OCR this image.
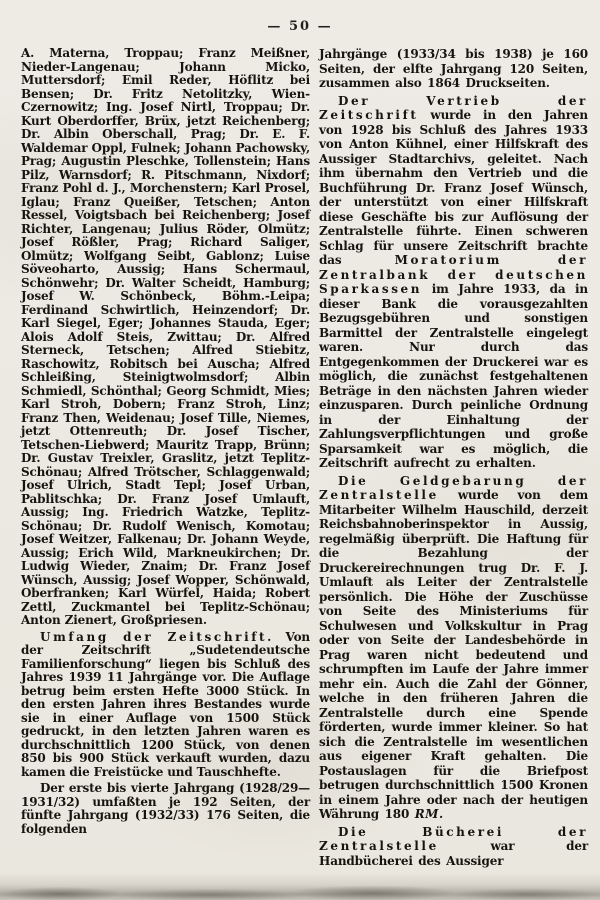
— 50 —

A. Materna, Troppau; Franz Meißner, Nieder-Langenau; Johann Micko, Muttersdorf; Emil Reder, Höflitz bei Bensen; Dr. Fritz Netolitzky, Wien-Czernowitz; Ing. Josef Nirtl, Troppau; Dr. Kurt Oberdorffer, Brüx, jetzt Reichenberg; Dr. Albin Oberschall, Prag; Dr. E. F. Waldemar Oppl, Fulnek; Johann Pachowsky, Prag; Augustin Pleschke, Tollenstein; Hans Pilz, Warnsdorf; R. Pitschmann, Nixdorf; Franz Pohl d. J., Morchenstern; Karl Prosel, Iglau; Franz Queißer, Tetschen; Anton Ressel, Voigtsbach bei Reichenberg; Josef Richter, Langenau; Julius Röder, Olmütz; Josef Rößler, Prag; Richard Saliger, Olmütz; Wolfgang Seibt, Gablonz; Luise Söveoharto, Aussig; Hans Schermaul, Schönwehr; Dr. Walter Scheidt, Hamburg; Josef W. Schönbeck, Böhm.-Leipa; Ferdinand Schwirtlich, Heinzendorf; Dr. Karl Siegel, Eger; Johannes Stauda, Eger; Alois Adolf Steis, Zwittau; Dr. Alfred Sterneck, Tetschen; Alfred Stiebitz, Raschowitz, Robitsch bei Auscha; Alfred Schleißing, Steinigtwolmsdorf; Albin Schmiedl, Schönthal; Georg Schmidt, Mies; Karl Stroh, Dobern; Franz Stroh, Linz; Franz Then, Weidenau; Josef Tille, Niemes, jetzt Ottenreuth; Dr. Josef Tischer, Tetschen-Liebwerd; Mauritz Trapp, Brünn; Dr. Gustav Treixler, Graslitz, jetzt Teplitz-Schönau; Alfred Trötscher, Schlaggenwald; Josef Ulrich, Stadt Tepl; Josef Urban, Pablitschka; Dr. Franz Josef Umlauft, Aussig; Ing. Friedrich Watzke, Teplitz-Schönau; Dr. Rudolf Wenisch, Komotau; Josef Weitzer, Falkenau; Dr. Johann Weyde, Aussig; Erich Wild, Markneukirchen; Dr. Ludwig Wieder, Znaim; Dr. Franz Josef Wünsch, Aussig; Josef Wopper, Schönwald, Oberfranken; Karl Würfel, Haida; Robert Zettl, Zuckmantel bei Teplitz-Schönau; Anton Zienert, Großpriesen.

Umfang der Zeitschrift. Von der Zeitschrift „Sudetendeutsche Familienforschung“ liegen bis Schluß des Jahres 1939 11 Jahrgänge vor. Die Auflage betrug beim ersten Hefte 3000 Stück. In den ersten Jahren ihres Bestandes wurde sie in einer Auflage von 1500 Stück gedruckt, in den letzten Jahren waren es durchschnittlich 1200 Stück, von denen 850 bis 900 Stück verkauft wurden, dazu kamen die Freistücke und Tauschhefte.

Der erste bis vierte Jahrgang (1928/29—1931/32) umfaßten je 192 Seiten, der fünfte Jahrgang (1932/33) 176 Seiten, die folgenden

Jahrgänge (1933/34 bis 1938) je 160 Seiten, der elfte Jahrgang 120 Seiten, zusammen also 1864 Druckseiten.

Der Vertrieb der Zeitschrift wurde in den Jahren von 1928 bis Schluß des Jahres 1933 von Anton Kühnel, einer Hilfskraft des Aussiger Stadtarchivs, geleitet. Nach ihm übernahm den Vertrieb und die Buchführung Dr. Franz Josef Wünsch, der unterstützt von einer Hilfskraft diese Geschäfte bis zur Auflösung der Zentralstelle führte. Einen schweren Schlag für unsere Zeitschrift brachte das Moratorium der Zentralbank der deutschen Sparkassen im Jahre 1933, da in dieser Bank die vorausgezahlten Bezugsgebühren und sonstigen Barmittel der Zentralstelle eingelegt waren. Nur durch das Entgegenkommen der Druckerei war es möglich, die zunächst festgehaltenen Beträge in den nächsten Jahren wieder einzusparen. Durch peinliche Ordnung in der Einhaltung der Zahlungsverpflichtungen und große Sparsamkeit war es möglich, die Zeitschrift aufrecht zu erhalten.

Die Geldgebarung der Zentralstelle wurde von dem Mitarbeiter Wilhelm Hauschild, derzeit Reichsbahnoberinspektor in Aussig, regelmäßig überprüft. Die Haftung für die Bezahlung der Druckereirechnungen trug Dr. F. J. Umlauft als Leiter der Zentralstelle persönlich. Die Höhe der Zuschüsse von Seite des Ministeriums für Schulwesen und Volkskultur in Prag oder von Seite der Landesbehörde in Prag waren nicht bedeutend und schrumpften im Laufe der Jahre immer mehr ein. Auch die Zahl der Gönner, welche in den früheren Jahren die Zentralstelle durch eine Spende förderten, wurde immer kleiner. So hat sich die Zentralstelle im wesentlichen aus eigener Kraft gehalten. Die Postauslagen für die Briefpost betrugen durchschnittlich 1500 Kronen in einem Jahre oder nach der heutigen Währung 180 RM.

Die Bücherei der Zentralstelle war der Handbücherei des Aussiger
